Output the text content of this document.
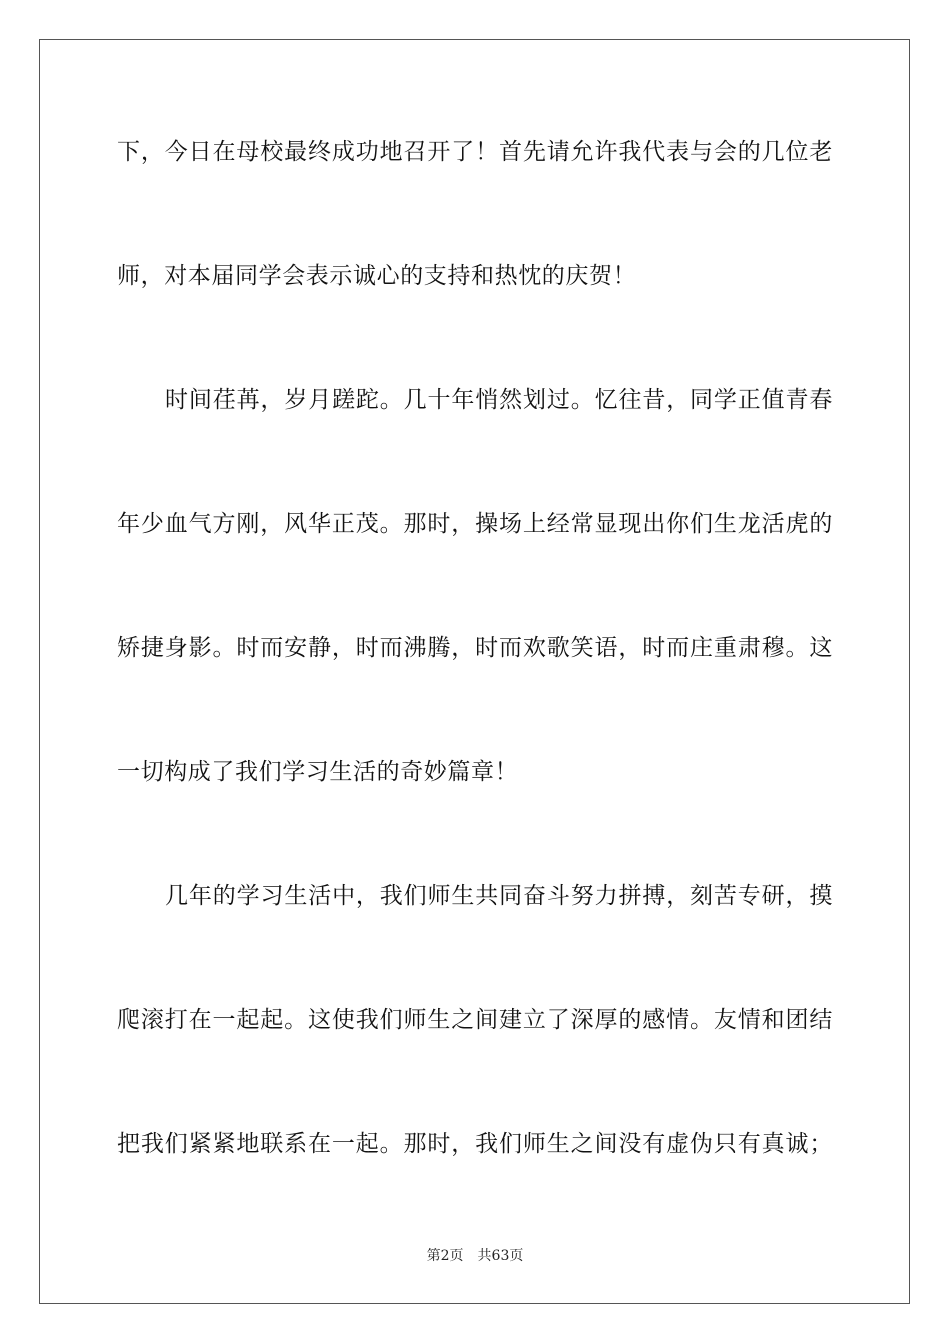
下，今日在母校最终成功地召开了！首先请允许我代表与会的几位老
师，对本届同学会表示诚心的支持和热忱的庆贺！
时间荏苒，岁月蹉跎。几十年悄然划过。忆往昔，同学正值青春
年少血气方刚，风华正茂。那时，操场上经常显现出你们生龙活虎的
矫捷身影。时而安静，时而沸腾，时而欢歌笑语，时而庄重肃穆。这
一切构成了我们学习生活的奇妙篇章！
几年的学习生活中，我们师生共同奋斗努力拼搏，刻苦专研，摸
爬滚打在一起起。这使我们师生之间建立了深厚的感情。友情和团结
把我们紧紧地联系在一起。那时，我们师生之间没有虚伪只有真诚；
第2页 共63页
